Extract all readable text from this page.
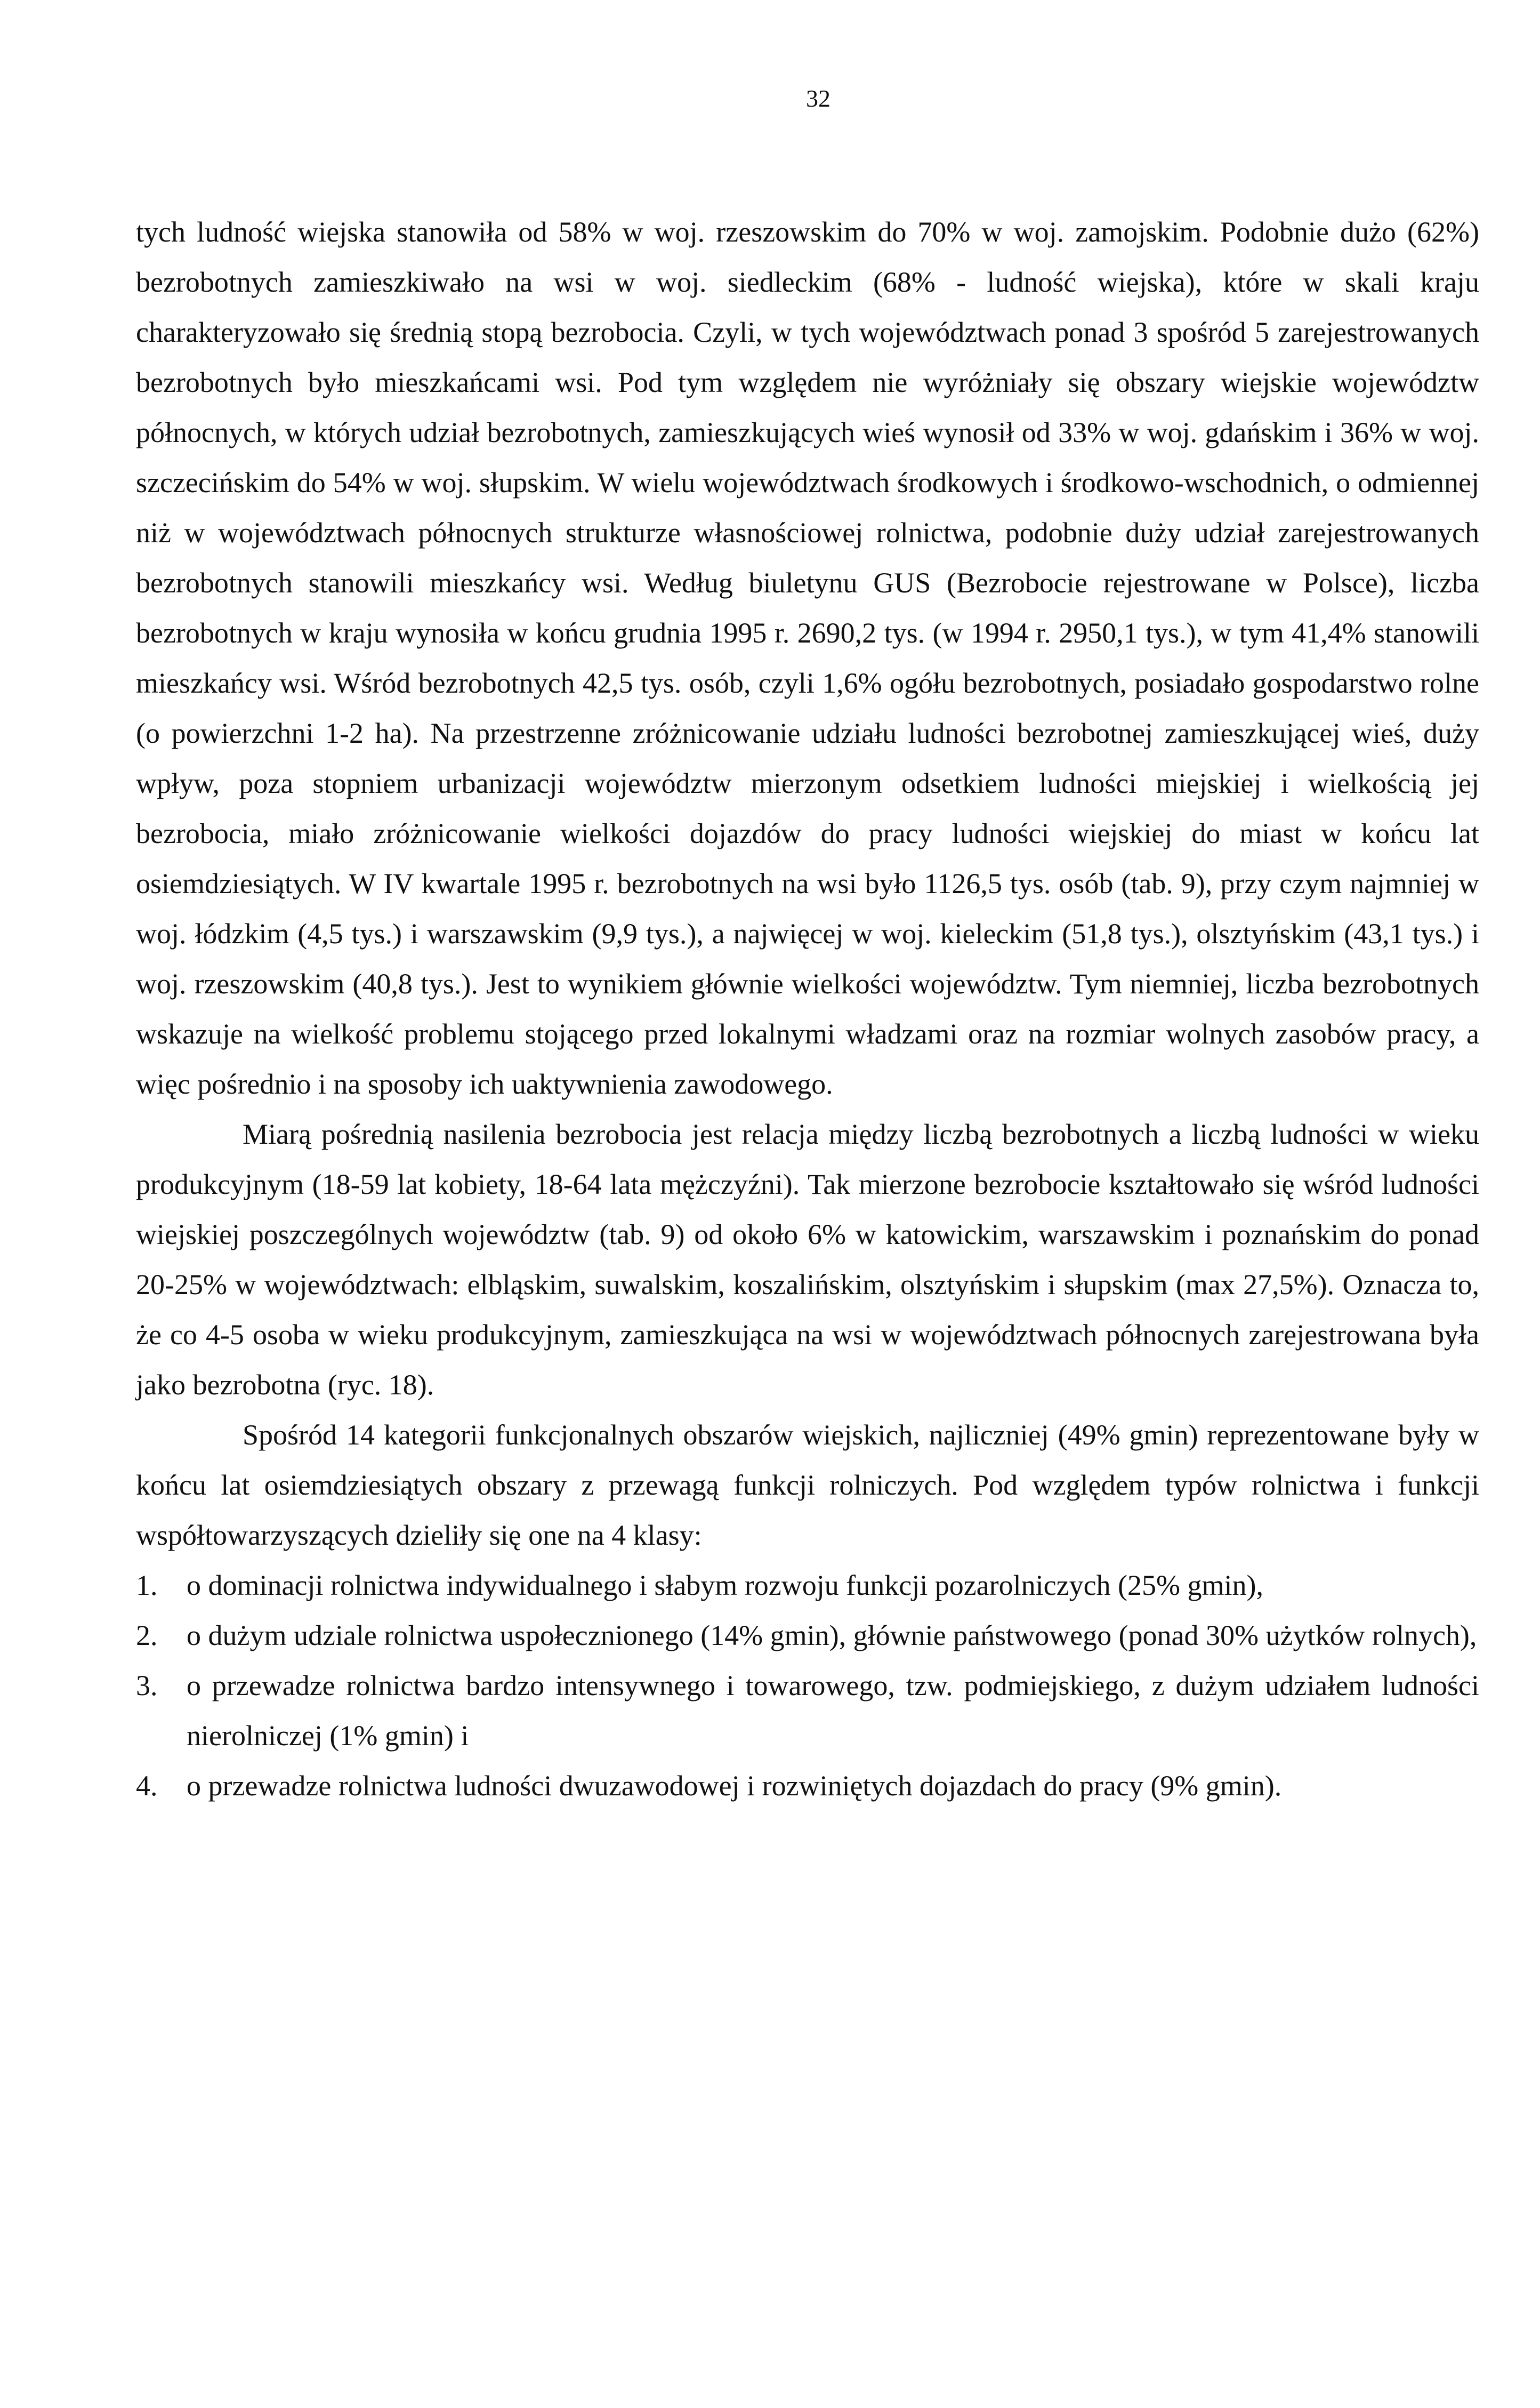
32

tych ludność wiejska stanowiła od 58% w woj. rzeszowskim do 70% w woj. zamojskim. Podobnie dużo (62%) bezrobotnych zamieszkiwało na wsi w woj. siedleckim (68% - ludność wiejska), które w skali kraju charakteryzowało się średnią stopą bezrobocia. Czyli, w tych województwach ponad 3 spośród 5 zarejestrowanych bezrobotnych było mieszkańcami wsi. Pod tym względem nie wyróżniały się obszary wiejskie województw północnych, w których udział bezrobotnych, zamieszkujących wieś wynosił od 33% w woj. gdańskim i 36% w woj. szczecińskim do 54% w woj. słupskim. W wielu województwach środkowych i środkowo-wschodnich, o odmiennej niż w województwach północnych strukturze własnościowej rolnictwa, podobnie duży udział zarejestrowanych bezrobotnych stanowili mieszkańcy wsi. Według biuletynu GUS (Bezrobocie rejestrowane w Polsce), liczba bezrobotnych w kraju wynosiła w końcu grudnia 1995 r. 2690,2 tys. (w 1994 r. 2950,1 tys.), w tym 41,4% stanowili mieszkańcy wsi. Wśród bezrobotnych 42,5 tys. osób, czyli 1,6% ogółu bezrobotnych, posiadało gospodarstwo rolne (o powierzchni 1-2 ha). Na przestrzenne zróżnicowanie udziału ludności bezrobotnej zamieszkującej wieś, duży wpływ, poza stopniem urbanizacji województw mierzonym odsetkiem ludności miejskiej i wielkością jej bezrobocia, miało zróżnicowanie wielkości dojazdów do pracy ludności wiejskiej do miast w końcu lat osiemdziesiątych. W IV kwartale 1995 r. bezrobotnych na wsi było 1126,5 tys. osób (tab. 9), przy czym najmniej w woj. łódzkim (4,5 tys.) i warszawskim (9,9 tys.), a najwięcej w woj. kieleckim (51,8 tys.), olsztyńskim (43,1 tys.) i woj. rzeszowskim (40,8 tys.). Jest to wynikiem głównie wielkości województw. Tym niemniej, liczba bezrobotnych wskazuje na wielkość problemu stojącego przed lokalnymi władzami oraz na rozmiar wolnych zasobów pracy, a więc pośrednio i na sposoby ich uaktywnienia zawodowego.

Miarą pośrednią nasilenia bezrobocia jest relacja między liczbą bezrobotnych a liczbą ludności w wieku produkcyjnym (18-59 lat kobiety, 18-64 lata mężczyźni). Tak mierzone bezrobocie kształtowało się wśród ludności wiejskiej poszczególnych województw (tab. 9) od około 6% w katowickim, warszawskim i poznańskim do ponad 20-25% w województwach: elbląskim, suwalskim, koszalińskim, olsztyńskim i słupskim (max 27,5%). Oznacza to, że co 4-5 osoba w wieku produkcyjnym, zamieszkująca na wsi w województwach północnych zarejestrowana była jako bezrobotna (ryc. 18).

Spośród 14 kategorii funkcjonalnych obszarów wiejskich, najliczniej (49% gmin) reprezentowane były w końcu lat osiemdziesiątych obszary z przewagą funkcji rolniczych. Pod względem typów rolnictwa i funkcji współtowarzyszących dzieliły się one na 4 klasy:

1.	o dominacji rolnictwa indywidualnego i słabym rozwoju funkcji pozarolniczych (25% gmin),
2.	o dużym udziale rolnictwa uspołecznionego (14% gmin), głównie państwowego (ponad 30% użytków rolnych),
3.	o przewadze rolnictwa bardzo intensywnego i towarowego, tzw. podmiejskiego, z dużym udziałem ludności nierolniczej (1% gmin) i
4.	o przewadze rolnictwa ludności dwuzawodowej i rozwiniętych dojazdach do pracy (9% gmin).
